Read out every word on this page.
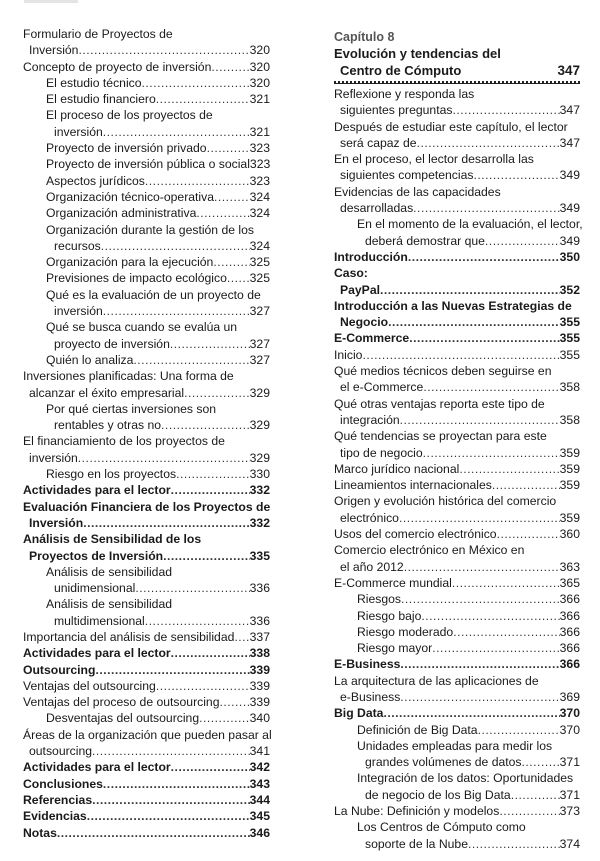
Formulario de Proyectos de
Inversión .....	320
Concepto de proyecto de inversión .....	320
El estudio técnico .....	320
El estudio financiero .....	321
El proceso de los proyectos de
inversión .....	321
Proyecto de inversión privado .....	323
Proyecto de inversión pública o social 323
Aspectos jurídicos .....	323
Organización técnico-operativa .....	324
Organización administrativa .....	324
Organización durante la gestión de los
recursos .....	324
Organización para la ejecución .....	325
Previsiones de impacto ecológico ..... 325
Qué es la evaluación de un proyecto de
inversión .....	327
Qué se busca cuando se evalúa un
proyecto de inversión .....	327
Quién lo analiza .....	327
Inversiones planificadas: Una forma de
alcanzar el éxito empresarial .....	329
Por qué ciertas inversiones son
rentables y otras no .....	329
El financiamiento de los proyectos de
inversión .....	329
Riesgo en los proyectos .....	330
Actividades para el lector .....	332
Evaluación Financiera de los Proyectos de
Inversión .....	332
Análisis de Sensibilidad de los
Proyectos de Inversión .....	335
Análisis de sensibilidad
unidimensional .....	336
Análisis de sensibilidad
multidimensional .....	336
Importancia del análisis de sensibilidad ..... 337
Actividades para el lector .....	338
Outsourcing .....	339
Ventajas del outsourcing .....	339
Ventajas del proceso de outsourcing ..... 339
Desventajas del outsourcing .....	340
Áreas de la organización que pueden pasar al
outsourcing .....	341
Actividades para el lector .....	342
Conclusiones .....	343
Referencias .....	344
Evidencias .....	345
Notas .....	346
Capítulo 8
Evolución y tendencias del
Centro de Cómputo	347
Reflexione y responda las
siguientes preguntas .....	347
Después de estudiar este capítulo, el lector
será capaz de .....	347
En el proceso, el lector desarrolla las
siguientes competencias .....	349
Evidencias de las capacidades
desarrolladas .....	349
En el momento de la evaluación, el lector,
deberá demostrar que .....	349
Introducción .....	350
Caso:
PayPal .....	352
Introducción a las Nuevas Estrategias de
Negocio .....	355
E-Commerce .....	355
Inicio .....	355
Qué medios técnicos deben seguirse en
el e-Commerce .....	358
Qué otras ventajas reporta este tipo de
integración .....	358
Qué tendencias se proyectan para este
tipo de negocio .....	359
Marco jurídico nacional .....	359
Lineamientos internacionales .....	359
Origen y evolución histórica del comercio
electrónico .....	359
Usos del comercio electrónico .....	360
Comercio electrónico en México en
el año 2012 .....	363
E-Commerce mundial .....	365
Riesgos .....	366
Riesgo bajo .....	366
Riesgo moderado .....	366
Riesgo mayor .....	366
E-Business .....	366
La arquitectura de las aplicaciones de
e-Business .....	369
Big Data .....	370
Definición de Big Data .....	370
Unidades empleadas para medir los
grandes volúmenes de datos .....	371
Integración de los datos: Oportunidades
de negocio de los Big Data .....	371
La Nube: Definición y modelos .....	373
Los Centros de Cómputo como
soporte de la Nube .....	374
